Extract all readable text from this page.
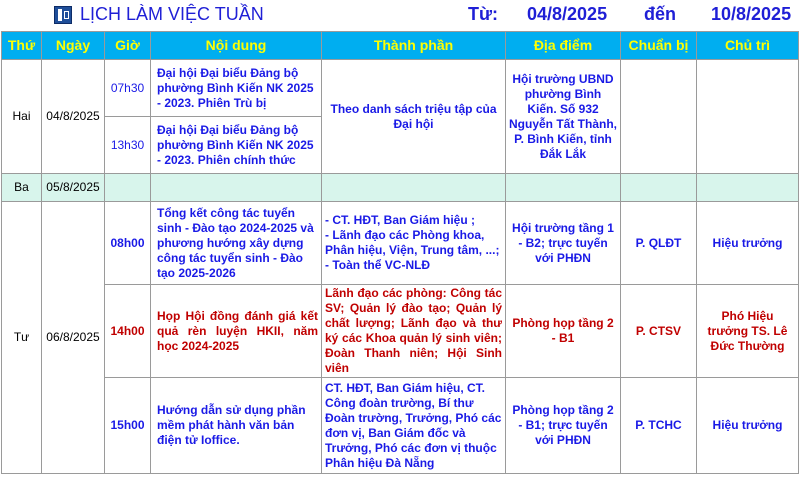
LỊCH LÀM VIỆC TUẦN	Từ: 04/8/2025 đến 10/8/2025
Thứ	Ngày	Giờ	Nội dung	Thành phần	Địa điểm	Chuẩn bị	Chủ trì
Hai	04/8/2025	07h30	Đại hội Đại biểu Đảng bộ phường Bình Kiến NK 2025 - 2023. Phiên Trù bị	Theo danh sách triệu tập của Đại hội	Hội trường UBND phường Bình Kiến. Số 932 Nguyễn Tất Thành, P. Bình Kiến, tỉnh Đắk Lắk		
		13h30	Đại hội Đại biểu Đảng bộ phường Bình Kiến NK 2025 - 2023. Phiên chính thức				
Ba	05/8/2025						
Tư	06/8/2025	08h00	Tổng kết công tác tuyển sinh - Đào tạo 2024-2025 và phương hướng xây dựng công tác tuyển sinh - Đào tạo 2025-2026	- CT. HĐT, Ban Giám hiệu ;
- Lãnh đạo các Phòng khoa, Phân hiệu, Viện, Trung tâm, ...;
- Toàn thể VC-NLĐ	Hội trường tầng 1 - B2; trực tuyến với PHĐN	P. QLĐT	Hiệu trưởng
		14h00	Họp Hội đồng đánh giá kết quả rèn luyện HKII, năm học 2024-2025	Lãnh đạo các phòng: Công tác SV; Quản lý đào tạo; Quản lý chất lượng; Lãnh đạo và thư ký các Khoa quản lý sinh viên; Đoàn Thanh niên; Hội Sinh viên	Phòng họp tầng 2 - B1	P. CTSV	Phó Hiệu trưởng TS. Lê Đức Thường
		15h00	Hướng dẫn sử dụng phần mềm phát hành văn bản điện tử Ioffice.	CT. HĐT, Ban Giám hiệu, CT. Công đoàn trường, Bí thư Đoàn trường, Trưởng, Phó các đơn vị, Ban Giám đốc và Trưởng, Phó các đơn vị thuộc Phân hiệu Đà Nẵng	Phòng họp tầng 2 - B1; trực tuyến với PHĐN	P. TCHC	Hiệu trưởng
